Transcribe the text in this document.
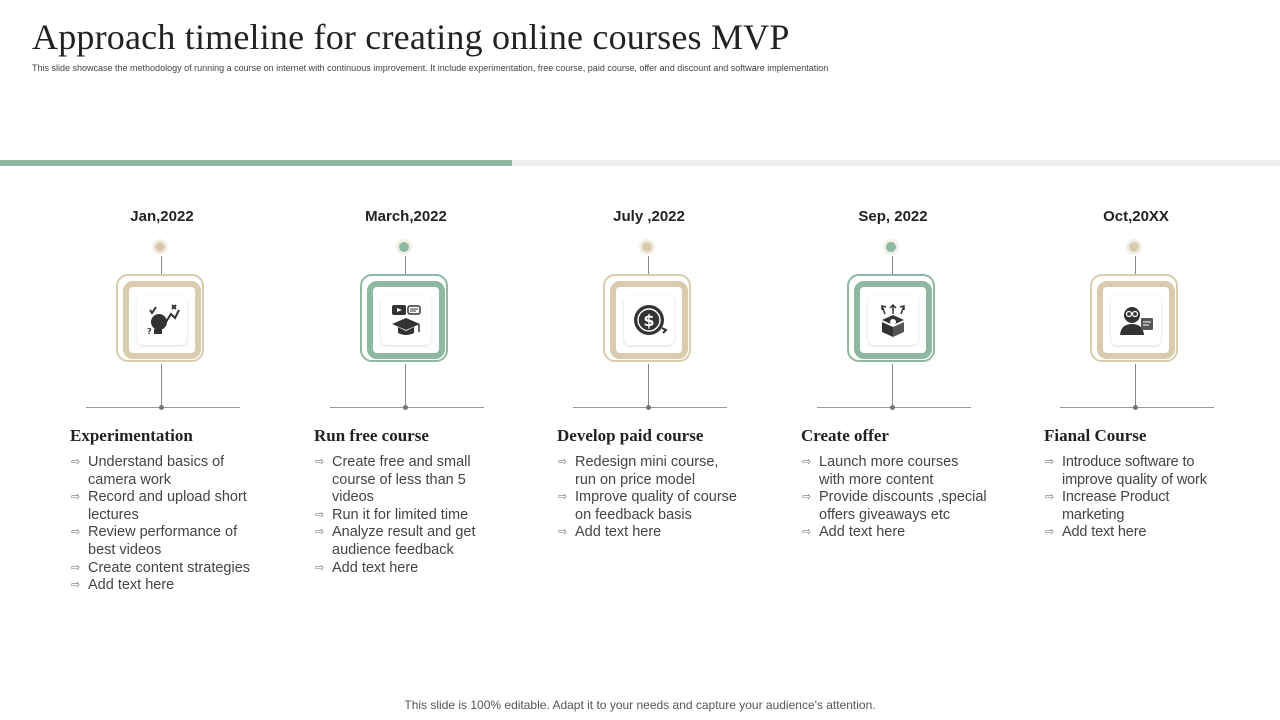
Approach timeline for creating online courses MVP
This slide showcase the methodology of running a course on internet with continuous improvement. It include experimentation, free course, paid course, offer and discount and software implementation
Jan,2022
?
Experimentation
⇨ Understand basics of camera work
⇨ Record and upload short lectures
⇨ Review performance of best videos
⇨ Create content strategies
⇨ Add text here
March,2022
Run free course
⇨ Create free and small course of less than 5 videos
⇨ Run it for limited time
⇨ Analyze result and get audience feedback
⇨ Add text here
July ,2022
$
Develop paid course
⇨ Redesign mini course, run on price model
⇨ Improve quality of course on feedback basis
⇨ Add text here
Sep, 2022
Create offer
⇨ Launch more courses with more content
⇨ Provide discounts ,special offers giveaways etc
⇨ Add text here
Oct,20XX
Fianal Course
⇨ Introduce software to improve quality of work
⇨ Increase Product marketing
⇨ Add text here
This slide is 100% editable. Adapt it to your needs and capture your audience's attention.
